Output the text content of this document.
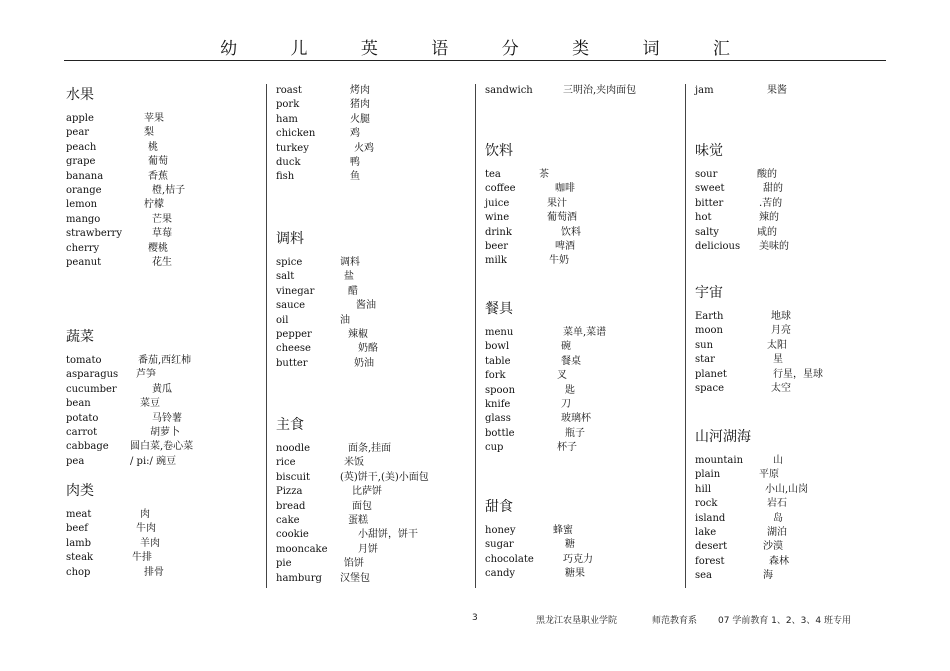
幼 儿 英 语 分 类 词 汇
水果
apple	苹果
pear	梨
peach	桃
grape	葡萄
banana	香蕉
orange	橙,桔子
lemon	柠檬
mango	芒果
strawberry	草莓
cherry	樱桃
peanut	花生
蔬菜
tomato	番茄,西红柿
asparagus 芦笋
cucumber	黄瓜
bean	菜豆
potato	马铃薯
carrot	胡萝卜
cabbage 圆白菜,卷心菜
pea	/ pi:/ 豌豆
肉类
meat	肉
beef	牛肉
lamb	羊肉
steak	牛排
chop	排骨
roast	烤肉
pork	猪肉
ham	火腿
chicken	鸡
turkey	火鸡
duck	鸭
fish	鱼
调料
spice	调料
salt	盐
vinegar	醋
sauce	酱油
oil	油
pepper	辣椒
cheese	奶酪
butter	奶油
主食
noodle	面条,挂面
rice	米饭
biscuit	(英)饼干,(美)小面包
Pizza	比萨饼
bread	面包
cake	蛋糕
cookie	小甜饼，饼干
mooncake	月饼
pie	馅饼
hamburg 汉堡包
sandwich	三明治,夹肉面包
饮料
tea	茶
coffee	咖啡
juice	果汁
wine	葡萄酒
drink	饮料
beer	啤酒
milk	牛奶
餐具
menu	菜单,菜谱
bowl	碗
table	餐桌
fork	叉
spoon	匙
knife	刀
glass	玻璃杯
bottle	瓶子
cup	杯子
甜食
honey	蜂蜜
sugar	糖
chocolate	巧克力
candy	糖果
jam	果酱
味觉
sour	酸的
sweet	甜的
bitter	.苦的
hot	辣的
salty	咸的
delicious 美味的
宇宙
Earth	地球
moon	月亮
sun	太阳
star	星
planet	行星，星球
space	太空
山河湖海
mountain	山
plain	平原
hill	小山,山岗
rock	岩石
island	岛
lake	湖泊
desert	沙漠
forest	森林
sea	海
3	黑龙江农垦职业学院	师范教育系 07 学前教育 1、2、3、4 班专用
